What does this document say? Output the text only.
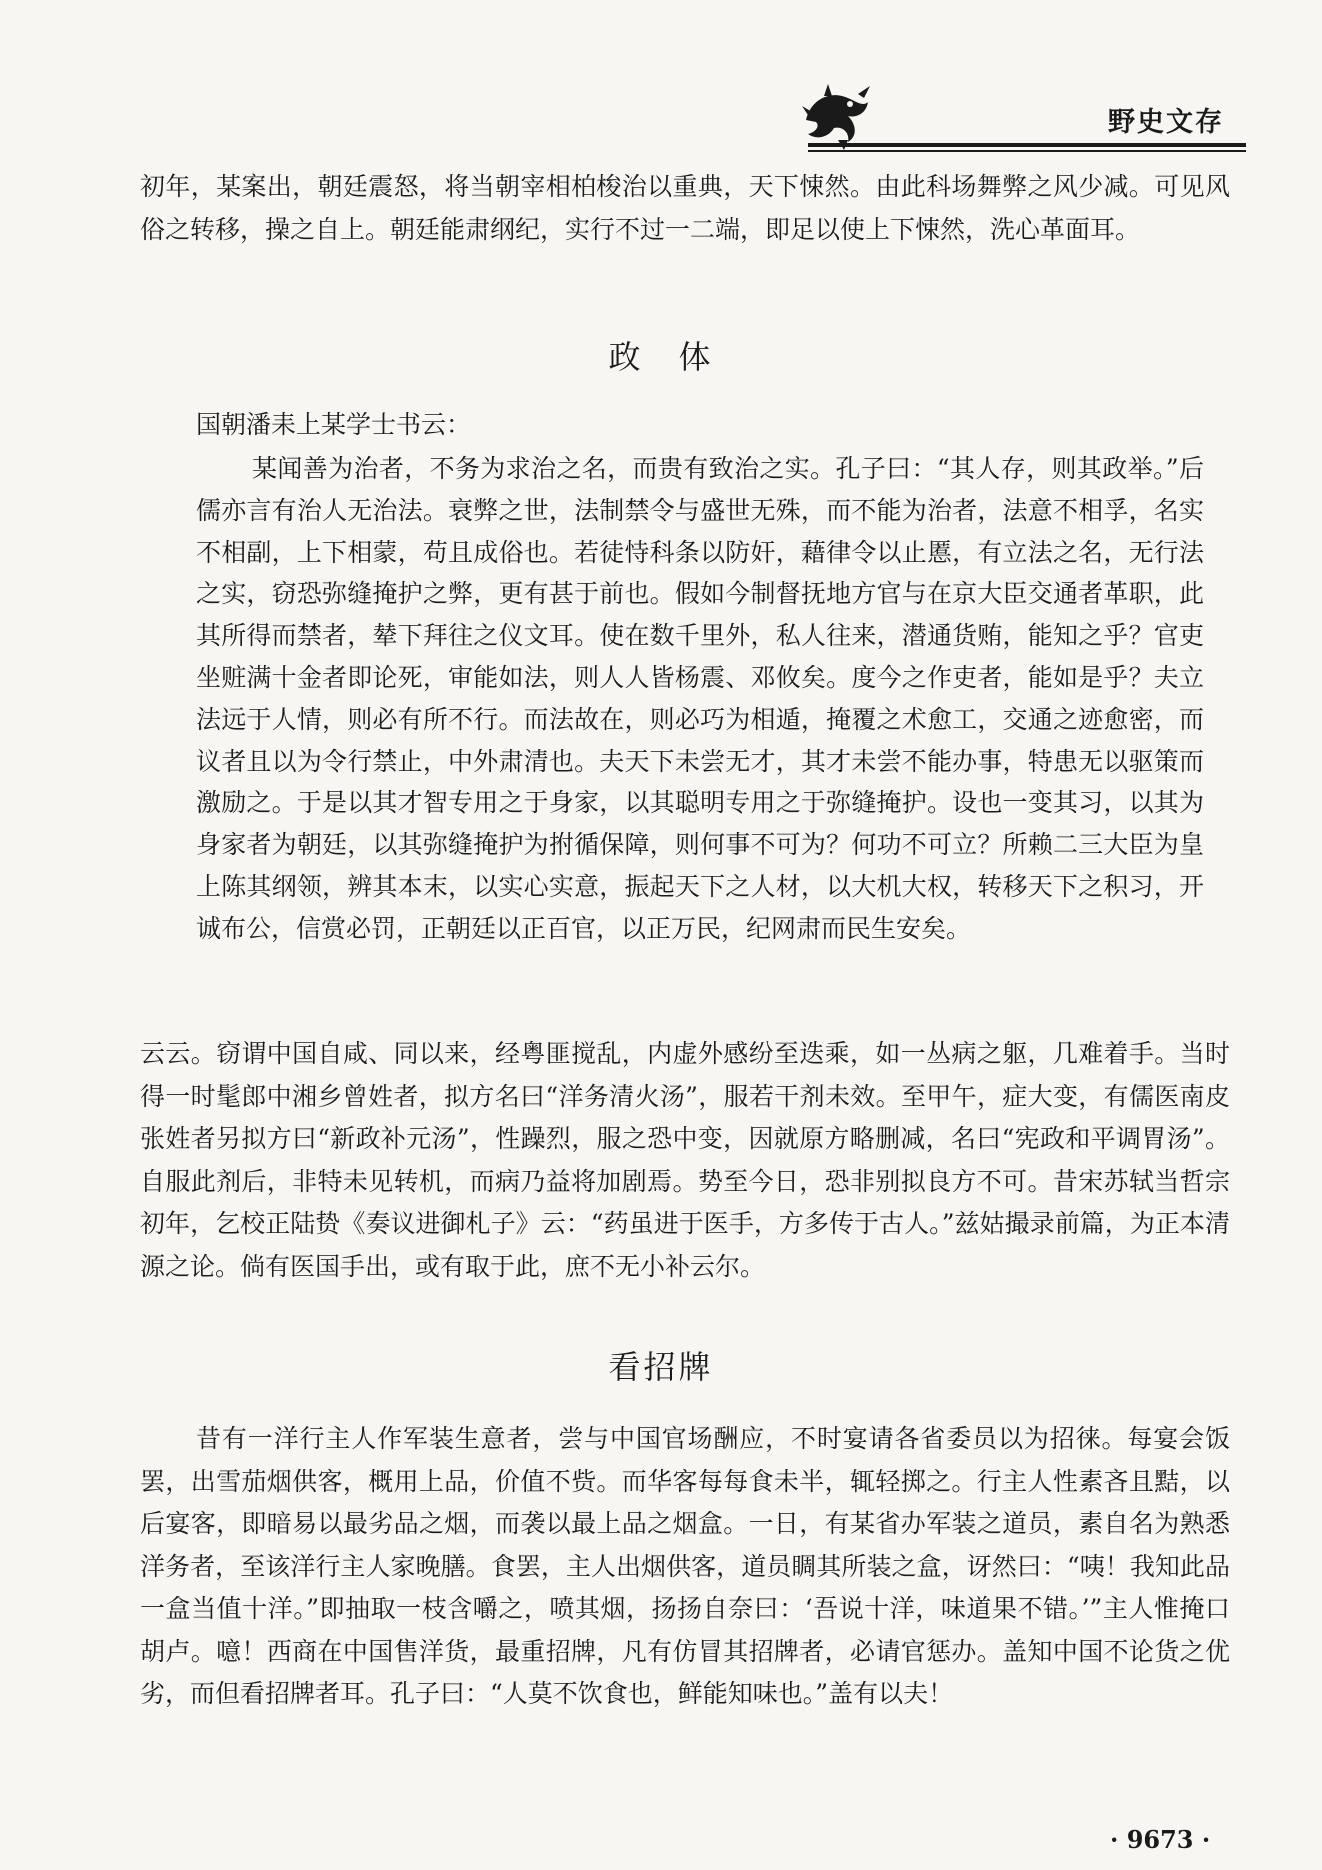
野史文存

初年，某案出，朝廷震怒，将当朝宰相柏梭治以重典，天下悚然。由此科场舞弊之风少减。可见风俗之转移，操之自上。朝廷能肃纲纪，实行不过一二端，即足以使上下悚然，洗心革面耳。

政　体

国朝潘耒上某学士书云：

某闻善为治者，不务为求治之名，而贵有致治之实。孔子曰：“其人存，则其政举。”后儒亦言有治人无治法。衰弊之世，法制禁令与盛世无殊，而不能为治者，法意不相孚，名实不相副，上下相蒙，苟且成俗也。若徒恃科条以防奸，藉律令以止慝，有立法之名，无行法之实，窃恐弥缝掩护之弊，更有甚于前也。假如今制督抚地方官与在京大臣交通者革职，此其所得而禁者，辇下拜往之仪文耳。使在数千里外，私人往来，潜通货贿，能知之乎？官吏坐赃满十金者即论死，审能如法，则人人皆杨震、邓攸矣。度今之作吏者，能如是乎？夫立法远于人情，则必有所不行。而法故在，则必巧为相遁，掩覆之术愈工，交通之迹愈密，而议者且以为令行禁止，中外肃清也。夫天下未尝无才，其才未尝不能办事，特患无以驱策而激励之。于是以其才智专用之于身家，以其聪明专用之于弥缝掩护。设也一变其习，以其为身家者为朝廷，以其弥缝掩护为拊循保障，则何事不可为？何功不可立？所赖二三大臣为皇上陈其纲领，辨其本末，以实心实意，振起天下之人材，以大机大权，转移天下之积习，开诚布公，信赏必罚，正朝廷以正百官，以正万民，纪网肃而民生安矣。

云云。窃谓中国自咸、同以来，经粤匪搅乱，内虚外感纷至迭乘，如一丛病之躯，几难着手。当时得一时髦郎中湘乡曾姓者，拟方名曰“洋务清火汤”，服若干剂未效。至甲午，症大变，有儒医南皮张姓者另拟方曰“新政补元汤”，性躁烈，服之恐中变，因就原方略删减，名曰“宪政和平调胃汤”。自服此剂后，非特未见转机，而病乃益将加剧焉。势至今日，恐非别拟良方不可。昔宋苏轼当哲宗初年，乞校正陆贽《奏议进御札子》云：“药虽进于医手，方多传于古人。”兹姑撮录前篇，为正本清源之论。倘有医国手出，或有取于此，庶不无小补云尔。

看招牌

昔有一洋行主人作军装生意者，尝与中国官场酬应，不时宴请各省委员以为招徕。每宴会饭罢，出雪茄烟供客，概用上品，价值不赀。而华客每每食未半，辄轻掷之。行主人性素吝且黠，以后宴客，即暗易以最劣品之烟，而袭以最上品之烟盒。一日，有某省办军装之道员，素自名为熟悉洋务者，至该洋行主人家晚膳。食罢，主人出烟供客，道员睭其所装之盒，讶然曰：“咦！我知此品一盒当值十洋。”即抽取一枝含嚼之，喷其烟，扬扬自奈曰：‘吾说十洋，味道果不错。’”主人惟掩口胡卢。噫！西商在中国售洋货，最重招牌，凡有仿冒其招牌者，必请官惩办。盖知中国不论货之优劣，而但看招牌者耳。孔子曰：“人莫不饮食也，鲜能知味也。”盖有以夫！

· 9673 ·
